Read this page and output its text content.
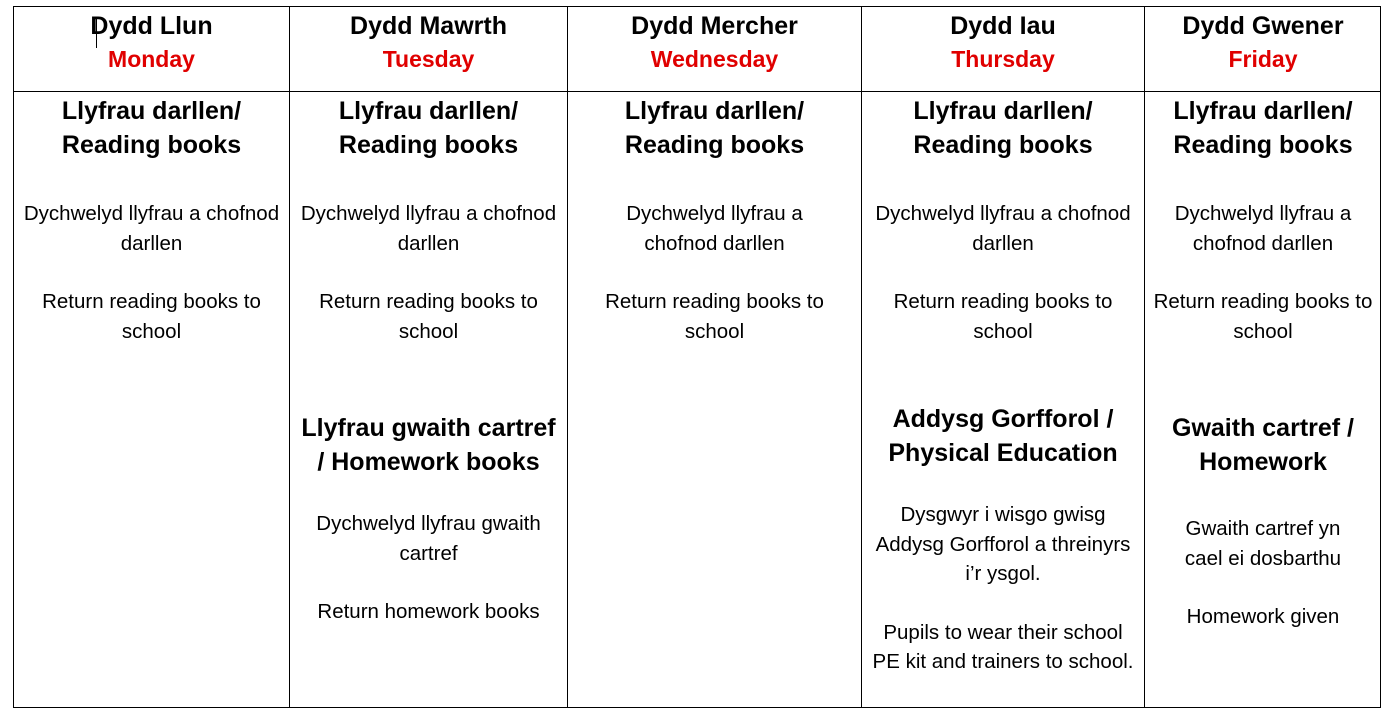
Dydd Llun
Monday
Llyfrau darllen/ Reading books
Dychwelyd llyfrau a chofnod darllen
Return reading books to school
Dydd Mawrth
Tuesday
Llyfrau darllen/ Reading books
Dychwelyd llyfrau a chofnod darllen
Return reading books to school
Llyfrau gwaith cartref / Homework books
Dychwelyd llyfrau gwaith cartref
Return homework books
Dydd Mercher
Wednesday
Llyfrau darllen/ Reading books
Dychwelyd llyfrau a chofnod darllen
Return reading books to school
Dydd Iau
Thursday
Llyfrau darllen/ Reading books
Dychwelyd llyfrau a chofnod darllen
Return reading books to school
Addysg Gorfforol / Physical Education
Dysgwyr i wisgo gwisg Addysg Gorfforol a threinyrs i’r ysgol.
Pupils to wear their school PE kit and trainers to school.
Dydd Gwener
Friday
Llyfrau darllen/ Reading books
Dychwelyd llyfrau a chofnod darllen
Return reading books to school
Gwaith cartref / Homework
Gwaith cartref yn cael ei dosbarthu
Homework given
